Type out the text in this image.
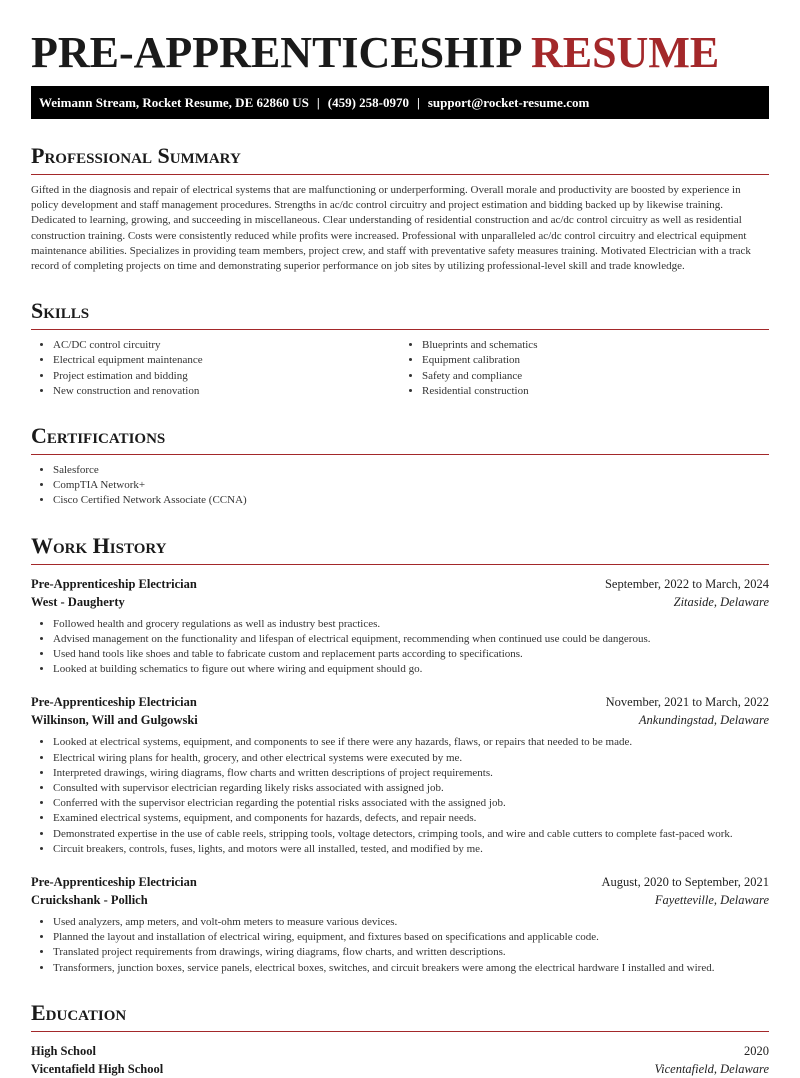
PRE-APPRENTICESHIP RESUME
Weimann Stream, Rocket Resume, DE 62860 US | (459) 258-0970 | support@rocket-resume.com
Professional Summary

Gifted in the diagnosis and repair of electrical systems that are malfunctioning or underperforming. Overall morale and productivity are boosted by experience in policy development and staff management procedures. Strengths in ac/dc control circuitry and project estimation and bidding backed up by likewise training. Dedicated to learning, growing, and succeeding in miscellaneous. Clear understanding of residential construction and ac/dc control circuitry as well as residential construction training. Costs were consistently reduced while profits were increased. Professional with unparalleled ac/dc control circuitry and electrical equipment maintenance abilities. Specializes in providing team members, project crew, and staff with preventative safety measures training. Motivated Electrician with a track record of completing projects on time and demonstrating superior performance on job sites by utilizing professional-level skill and trade knowledge.

Skills
• AC/DC control circuitry
• Electrical equipment maintenance
• Project estimation and bidding
• New construction and renovation
• Blueprints and schematics
• Equipment calibration
• Safety and compliance
• Residential construction
Certifications
• Salesforce
• CompTIA Network+
• Cisco Certified Network Associate (CCNA)
Work History
Pre-Apprenticeship Electrician	September, 2022 to March, 2024
West - Daugherty	Zitaside, Delaware
• Followed health and grocery regulations as well as industry best practices.
• Advised management on the functionality and lifespan of electrical equipment, recommending when continued use could be dangerous.
• Used hand tools like shoes and table to fabricate custom and replacement parts according to specifications.
• Looked at building schematics to figure out where wiring and equipment should go.
Pre-Apprenticeship Electrician	November, 2021 to March, 2022
Wilkinson, Will and Gulgowski	Ankundingstad, Delaware
• Looked at electrical systems, equipment, and components to see if there were any hazards, flaws, or repairs that needed to be made.
• Electrical wiring plans for health, grocery, and other electrical systems were executed by me.
• Interpreted drawings, wiring diagrams, flow charts and written descriptions of project requirements.
• Consulted with supervisor electrician regarding likely risks associated with assigned job.
• Conferred with the supervisor electrician regarding the potential risks associated with the assigned job.
• Examined electrical systems, equipment, and components for hazards, defects, and repair needs.
• Demonstrated expertise in the use of cable reels, stripping tools, voltage detectors, crimping tools, and wire and cable cutters to complete fast-paced work.
• Circuit breakers, controls, fuses, lights, and motors were all installed, tested, and modified by me.
Pre-Apprenticeship Electrician	August, 2020 to September, 2021
Cruickshank - Pollich	Fayetteville, Delaware
• Used analyzers, amp meters, and volt-ohm meters to measure various devices.
• Planned the layout and installation of electrical wiring, equipment, and fixtures based on specifications and applicable code.
• Translated project requirements from drawings, wiring diagrams, flow charts, and written descriptions.
• Transformers, junction boxes, service panels, electrical boxes, switches, and circuit breakers were among the electrical hardware I installed and wired.
Education
High School	2020
Vicentafield High School	Vicentafield, Delaware
